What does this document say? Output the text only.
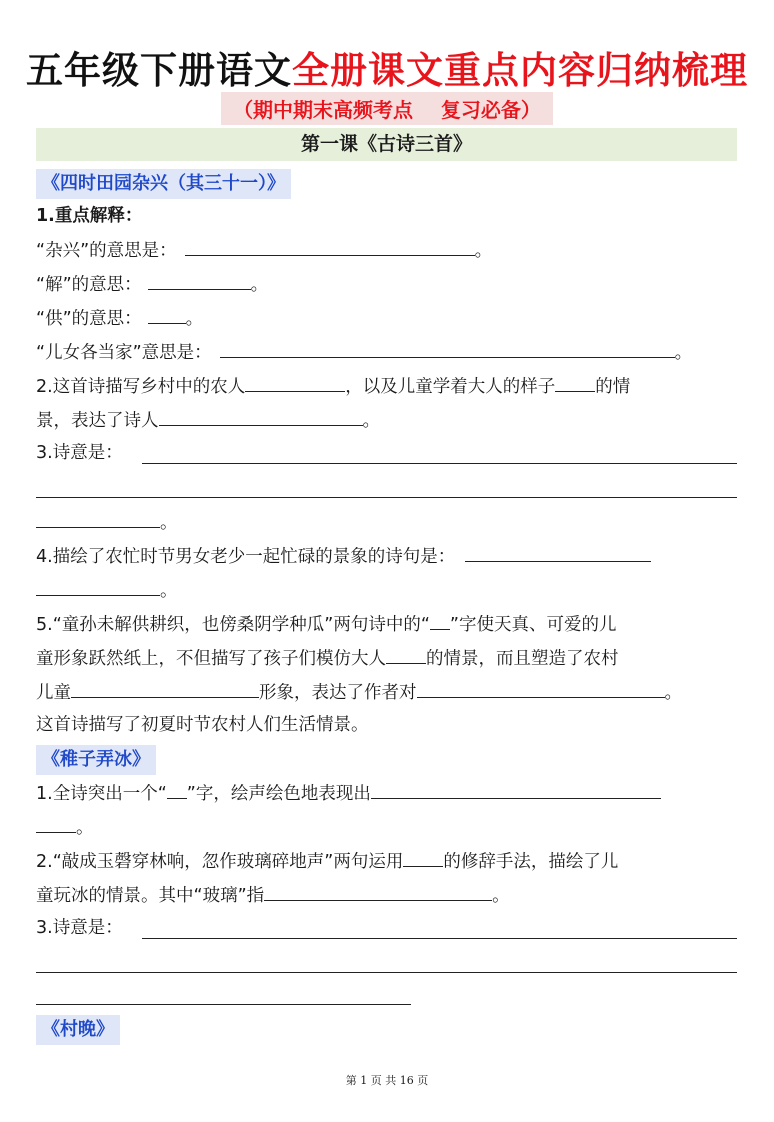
五年级下册语文全册课文重点内容归纳梳理
（期中期末高频考点    复习必备）
第一课《古诗三首》
《四时田园杂兴（其三十一）》
1.重点解释：
“杂兴”的意思是：	。
“解”的意思：	。
“供”的意思：	。
“儿女各当家”意思是：	。
2.这首诗描写乡村中的农人	，以及儿童学着大人的样子 的情
景，表达了诗人	。
3.诗意是：
。
4.描绘了农忙时节男女老少一起忙碌的景象的诗句是：
。
5.“童孙未解供耕织，也傍桑阴学种瓜”两句诗中的“ ”字使天真、可爱的儿
童形象跃然纸上，不但描写了孩子们模仿大人 的情景，而且塑造了农村
儿童	形象，表达了作者对	。
这首诗描写了初夏时节农村人们生活情景。
《稚子弄冰》
1.全诗突出一个“ ”字，绘声绘色地表现出
。
2.“敲成玉磬穿林响，忽作玻璃碎地声”两句运用 的修辞手法，描绘了儿
童玩冰的情景。其中“玻璃”指	。
3.诗意是：
《村晚》
第 1 页 共 16 页
